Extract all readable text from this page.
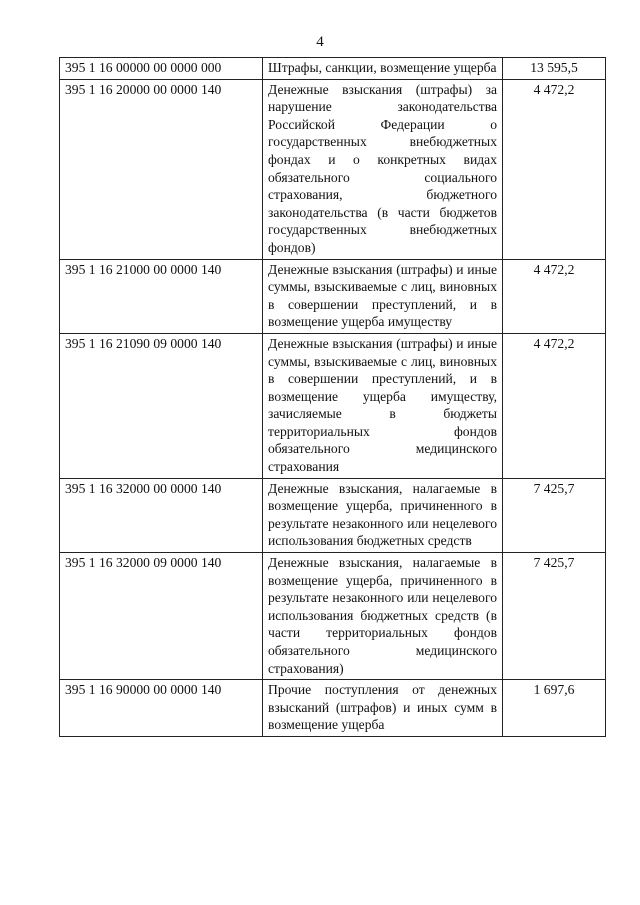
4
395 1 16 00000 00 0000 000	Штрафы, санкции, возмещение ущерба	13 595,5
395 1 16 20000 00 0000 140	Денежные взыскания (штрафы) за нарушение законодательства Российской Федерации о государственных внебюджетных фондах и о конкретных видах обязательного социального страхования, бюджетного законодательства (в части бюджетов государственных внебюджетных фондов)	4 472,2
395 1 16 21000 00 0000 140	Денежные взыскания (штрафы) и иные суммы, взыскиваемые с лиц, виновных в совершении преступлений, и в возмещение ущерба имуществу	4 472,2
395 1 16 21090 09 0000 140	Денежные взыскания (штрафы) и иные суммы, взыскиваемые с лиц, виновных в совершении преступлений, и в возмещение ущерба имуществу, зачисляемые в бюджеты территориальных фондов обязательного медицинского страхования	4 472,2
395 1 16 32000 00 0000 140	Денежные взыскания, налагаемые в возмещение ущерба, причиненного в результате незаконного или нецелевого использования бюджетных средств	7 425,7
395 1 16 32000 09 0000 140	Денежные взыскания, налагаемые в возмещение ущерба, причиненного в результате незаконного или нецелевого использования бюджетных средств (в части территориальных фондов обязательного медицинского страхования)	7 425,7
395 1 16 90000 00 0000 140	Прочие поступления от денежных взысканий (штрафов) и иных сумм в возмещение ущерба	1 697,6
